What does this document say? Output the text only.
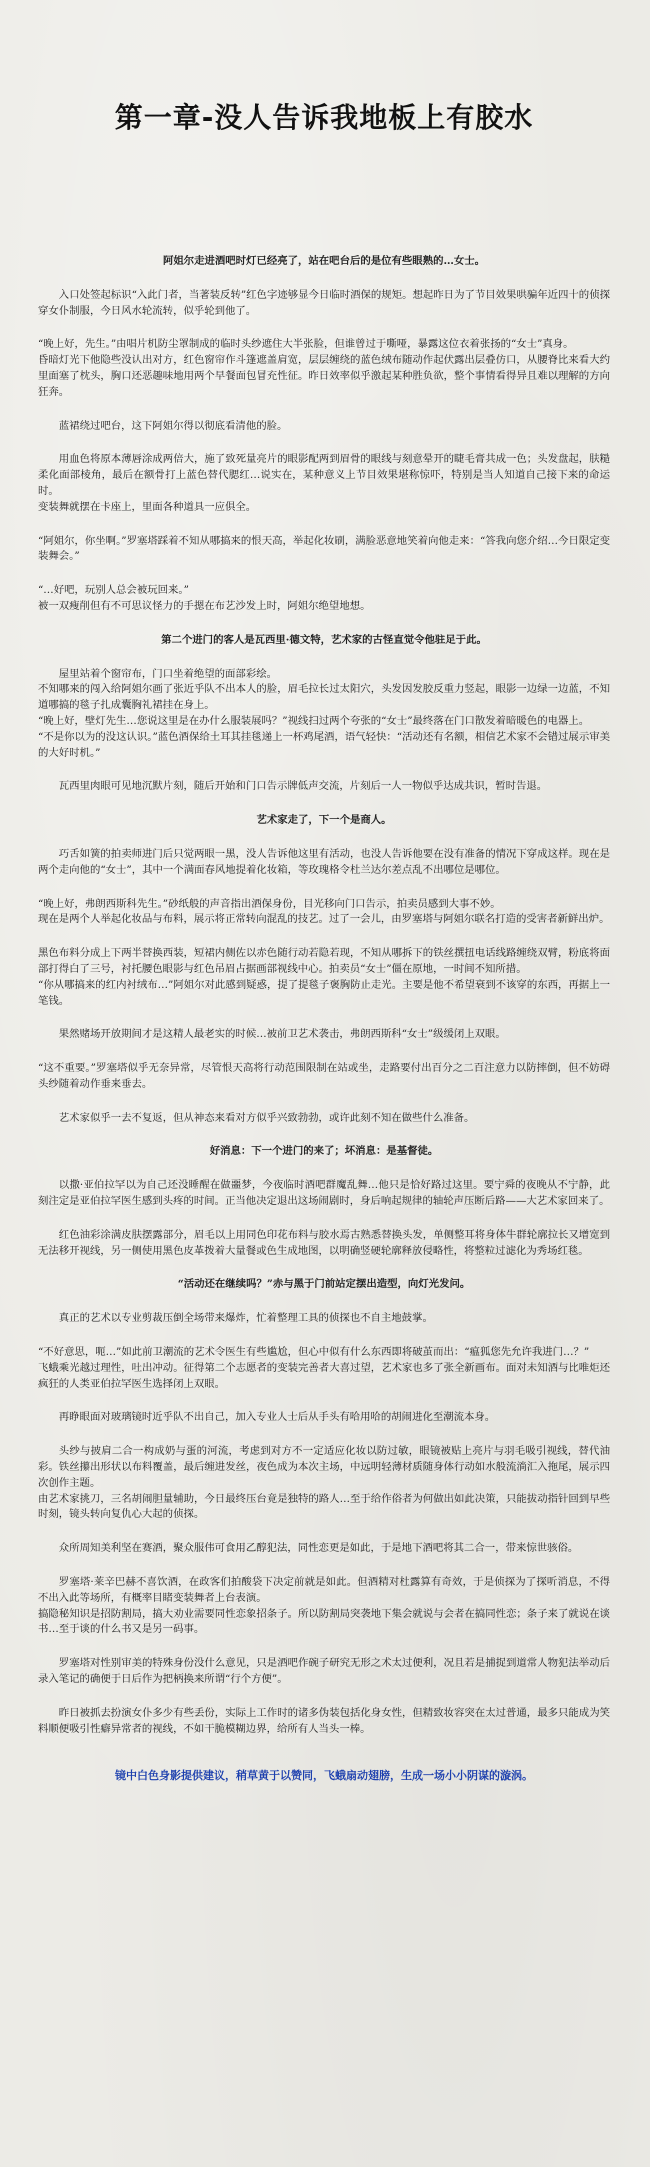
第一章-没人告诉我地板上有胶水

阿姐尔走进酒吧时灯已经亮了，站在吧台后的是位有些眼熟的…女士。

入口处签起标识“入此门者，当著装反转”红色字迹够显今日临时酒保的规矩。想起昨日为了节目效果哄骗年近四十的侦探穿女仆制服，今日风水轮流转，似乎轮到他了。

“晚上好，先生。”由唱片机防尘罩制成的临时头纱遮住大半张脸，但谁曾过于嘶哑，暴露这位衣着张扬的“女士”真身。
昏暗灯光下他隐些没认出对方，红色窗帘作斗篷遮盖肩宽，层层缠绕的蓝色绒布随动作起伏露出层叠仿口，从腰脊比来看大约里面塞了枕头，胸口还恶趣味地用两个早餐面包冒充性征。昨日效率似乎激起某种胜负欲，整个事情看得异且难以理解的方向狂奔。

蓝裙绕过吧台，这下阿姐尔得以彻底看清他的脸。

用血色将原本薄唇涂成两倍大，施了致死量亮片的眼影配两到眉骨的眼线与刻意晕开的睫毛膏共成一色；头发盘起，肤糙柔化面部棱角，最后在额骨打上蓝色替代腮红…说实在，某种意义上节目效果堪称惊吓，特别是当人知道自己接下来的命运时。
变装舞就摆在卡座上，里面各种道具一应俱全。

“阿姐尔，你坐啊。”罗塞塔踩着不知从哪搞来的恨天高，举起化妆刷，满脸恶意地笑着向他走来：“答我向您介绍…今日限定变装舞会。”

“…好吧，玩别人总会被玩回来。”
被一双瘦削但有不可思议怪力的手摁在布艺沙发上时，阿姐尔绝望地想。

第二个进门的客人是瓦西里·德文特，艺术家的古怪直觉令他驻足于此。

屋里站着个窗帘布，门口坐着绝望的面部彩绘。
不知哪来的闯入给阿姐尔画了张近乎队不出本人的脸，眉毛拉长过太阳穴，头发因发胶反重力竖起，眼影一边绿一边蓝，不知道哪搞的毯子扎成囊胸礼裙挂在身上。
“晚上好，壁灯先生…您说这里是在办什么服装展吗？”视线扫过两个夸张的“女士”最终落在门口散发着暗暖色的电器上。
“不是你以为的没这认识。”蓝色酒保给土耳其挂毯递上一杯鸡尾酒，语气轻快：“活动还有名额，相信艺术家不会错过展示审美的大好时机。”

瓦西里肉眼可见地沉默片刻，随后开始和门口告示牌低声交流，片刻后一人一物似乎达成共识，暂时告退。

艺术家走了，下一个是商人。

巧舌如簧的拍卖师进门后只觉两眼一黑，没人告诉他这里有活动，也没人告诉他要在没有准备的情况下穿成这样。现在是两个走向他的“女士”，其中一个满面春风地提着化妆箱，等玫瑰格令杜兰达尔差点乱不出哪位是哪位。

“晚上好，弗朗西斯科先生。”砂纸般的声音指出酒保身份，目光移向门口告示，拍卖员感到大事不妙。
现在是两个人举起化妆品与布料，展示将正常转向混乱的技艺。过了一会儿，由罗塞塔与阿姐尔联名打造的受害者新鲜出炉。

黑色布料分成上下两半替换西装，短裙内侧佐以赤色随行动若隐若现，不知从哪拆下的铁丝撰扭电话线路缠绕双臂，粉底将面部打得白了三号，衬托腰色眼影与红色吊眉占据画部视线中心。拍卖员“女士”僵在原地，一时间不知所措。
“你从哪搞来的红内衬绒布…”阿姐尔对此感到疑惑，提了提毯子褒胸防止走光。主要是他不希望衰到不该穿的东西，再据上一笔钱。

果然赌场开放期间才是这精人最老实的时候…被前卫艺术袭击，弗朗西斯科“女士”级缓闭上双眼。

“这不重要。”罗塞塔似乎无奈异常，尽管恨天高将行动范围限制在站或坐，走路要付出百分之二百注意力以防摔倒，但不妨碍头纱随着动作垂来垂去。

艺术家似乎一去不复返，但从神态来看对方似乎兴致勃勃，或许此刻不知在做些什么准备。

好消息：下一个进门的来了；坏消息：是基督徒。

以撒·亚伯拉罕以为自己还没睡醒在做噩梦，今夜临时酒吧群魔乱舞…他只是恰好路过这里。要宁舜的夜晚从不宁静，此刻注定是亚伯拉罕医生感到头疼的时间。正当他决定退出这场闹剧时，身后响起规律的轴轮声压断后路——大艺术家回来了。

红色油彩涂满皮肤摆露部分，眉毛以上用同色印花布料与胶水焉古熟悉替换头发，单侧整耳将身体牛群轮廓拉长又增宽到无法移开视线，另一侧使用黑色皮革拨着大量餐或色生成地图，以明确竖硬轮廓释放侵略性，将整粒过滤化为秀场红毯。

“活动还在继续吗？”赤与黑于门前站定摆出造型，向灯光发问。

真正的艺术以专业剪裁压倒全场带来爆炸，忙着整理工具的侦探也不自主地鼓掌。

“不好意思，呃…”如此前卫潮流的艺术令医生有些尴尬，但心中似有什么东西即将破茧而出：“瘟狐您先允许我进门…？”
飞蛾乘光越过理性，吐出冲动。征得第二个志愿者的变装完善者大喜过望，艺术家也多了张全新画布。面对未知酒与比唯炬还疯狂的人类亚伯拉罕医生选择闭上双眼。

再睁眼面对玻璃镜时近乎队不出自己，加入专业人士后从手头有哈用哈的胡闹进化至潮流本身。

头纱与披肩二合一构成奶与蛋的河流，考虑到对方不一定适应化妆以防过敏，眼镜被贴上亮片与羽毛吸引视线，替代油彩。铁丝攥出形状以布料覆盖，最后缠进发丝，夜色成为本次主场，中远明轻薄材质随身体行动如水般流淌汇入拖尾，展示四次创作主题。
由艺术家挑刀，三名胡闹胆量辅助，今日最终压台竟是独特的路人…至于给作俗者为何做出如此决策，只能拔动指针回到早些时刻，镜头转向复仇心大起的侦探。

众所周知美利坚在赛酒，聚众服伟可食用乙醇犯法，同性恋更是如此，于是地下酒吧将其二合一，带来惊世骇俗。

罗塞塔·莱辛巴赫不喜饮酒，在政客们拍酸袋下决定前就是如此。但酒精对杜露算有奇效，于是侦探为了探听消息，不得不出入此等场所，有概率目睹变装舞者上台表演。
搞隐秘知识是招防割局，搞大劝业需要同性恋象招条子。所以防割局突袭地下集会就说与会者在搞同性恋；条子来了就说在谈书…至于谈的什么书又是另一码事。

罗塞塔对性别审美的特殊身份没什么意见，只是酒吧作碗子研究无形之术太过便利，况且若是捕捉到道常人物犯法举动后录入笔记的确便于日后作为把柄换来所谓“行个方便”。

昨日被抓去扮演女仆多少有些丢份，实际上工作时的诸多伪装包括化身女性，但精致妆容突在太过普通，最多只能成为笑料顺便吸引性癖异常者的视线，不如干脆模糊边界，给所有人当头一棒。

镜中白色身影提供建议，稍草黄于以赞同，飞蛾扇动翅膀，生成一场小小阴谋的漩涡。
